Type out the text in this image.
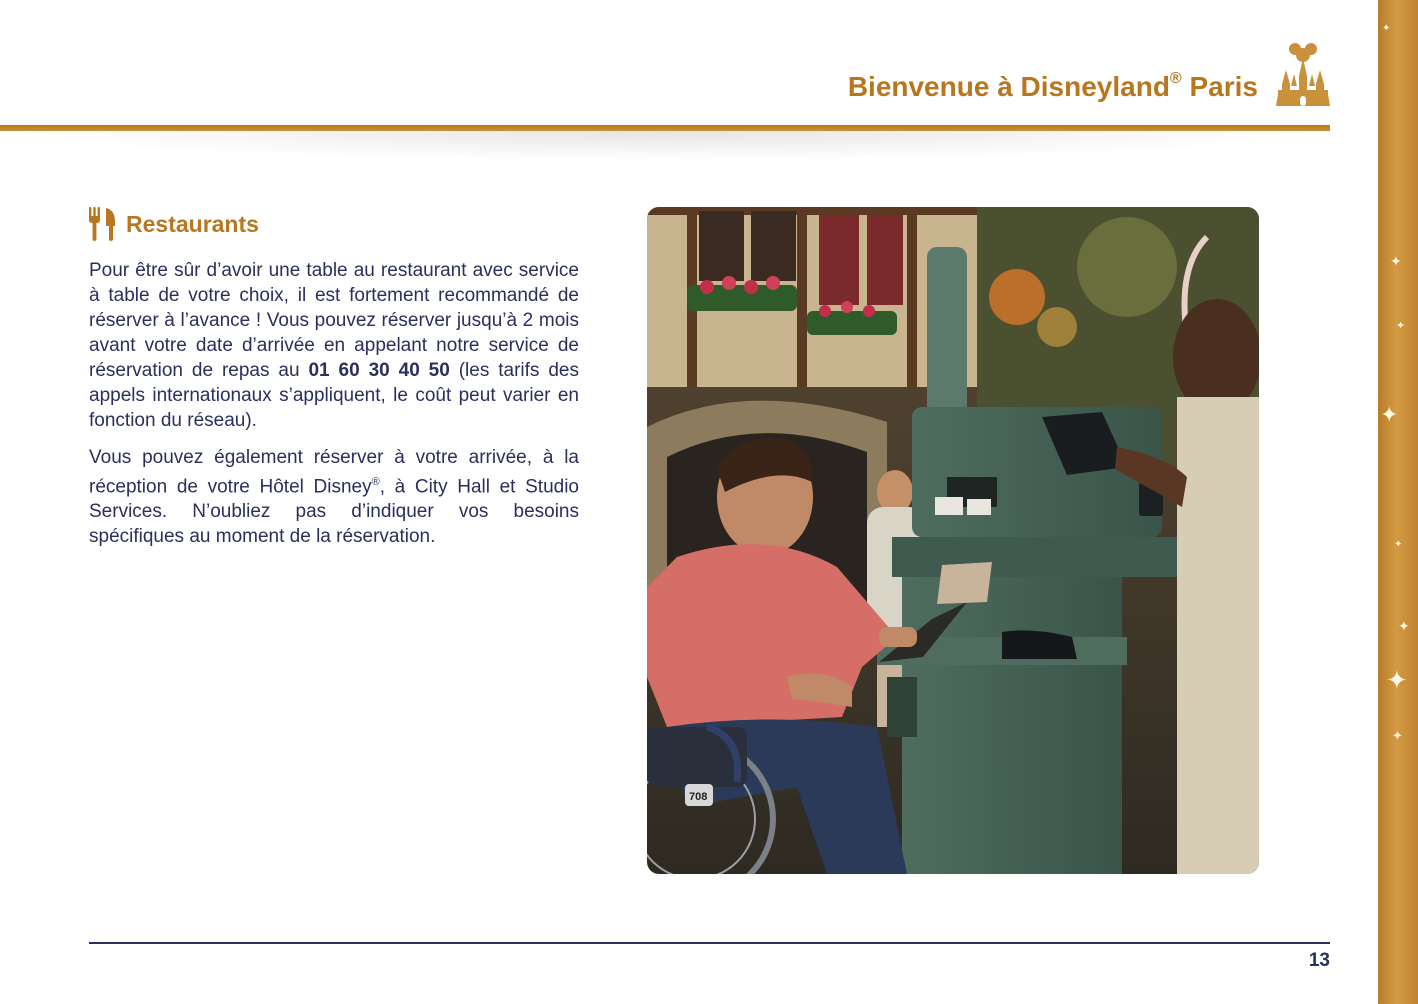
✦
✦
✦
✦
✦
✦
✦
✦
Bienvenue à Disneyland® Paris
Restaurants

Pour être sûr d’avoir une table au restaurant avec service à table de votre choix, il est fortement recommandé de réserver à l’avance ! Vous pouvez réserver jusqu’à 2 mois avant votre date d’arrivée en appelant notre service de réservation de repas au 01 60 30 40 50 (les tarifs des appels internationaux s’appliquent, le coût peut varier en fonction du réseau).

Vous pouvez également réserver à votre arrivée, à la réception de votre Hôtel Disney®, à City Hall et Studio Services. N’oubliez pas d’indiquer vos besoins spécifiques au moment de la réservation.

708
13
